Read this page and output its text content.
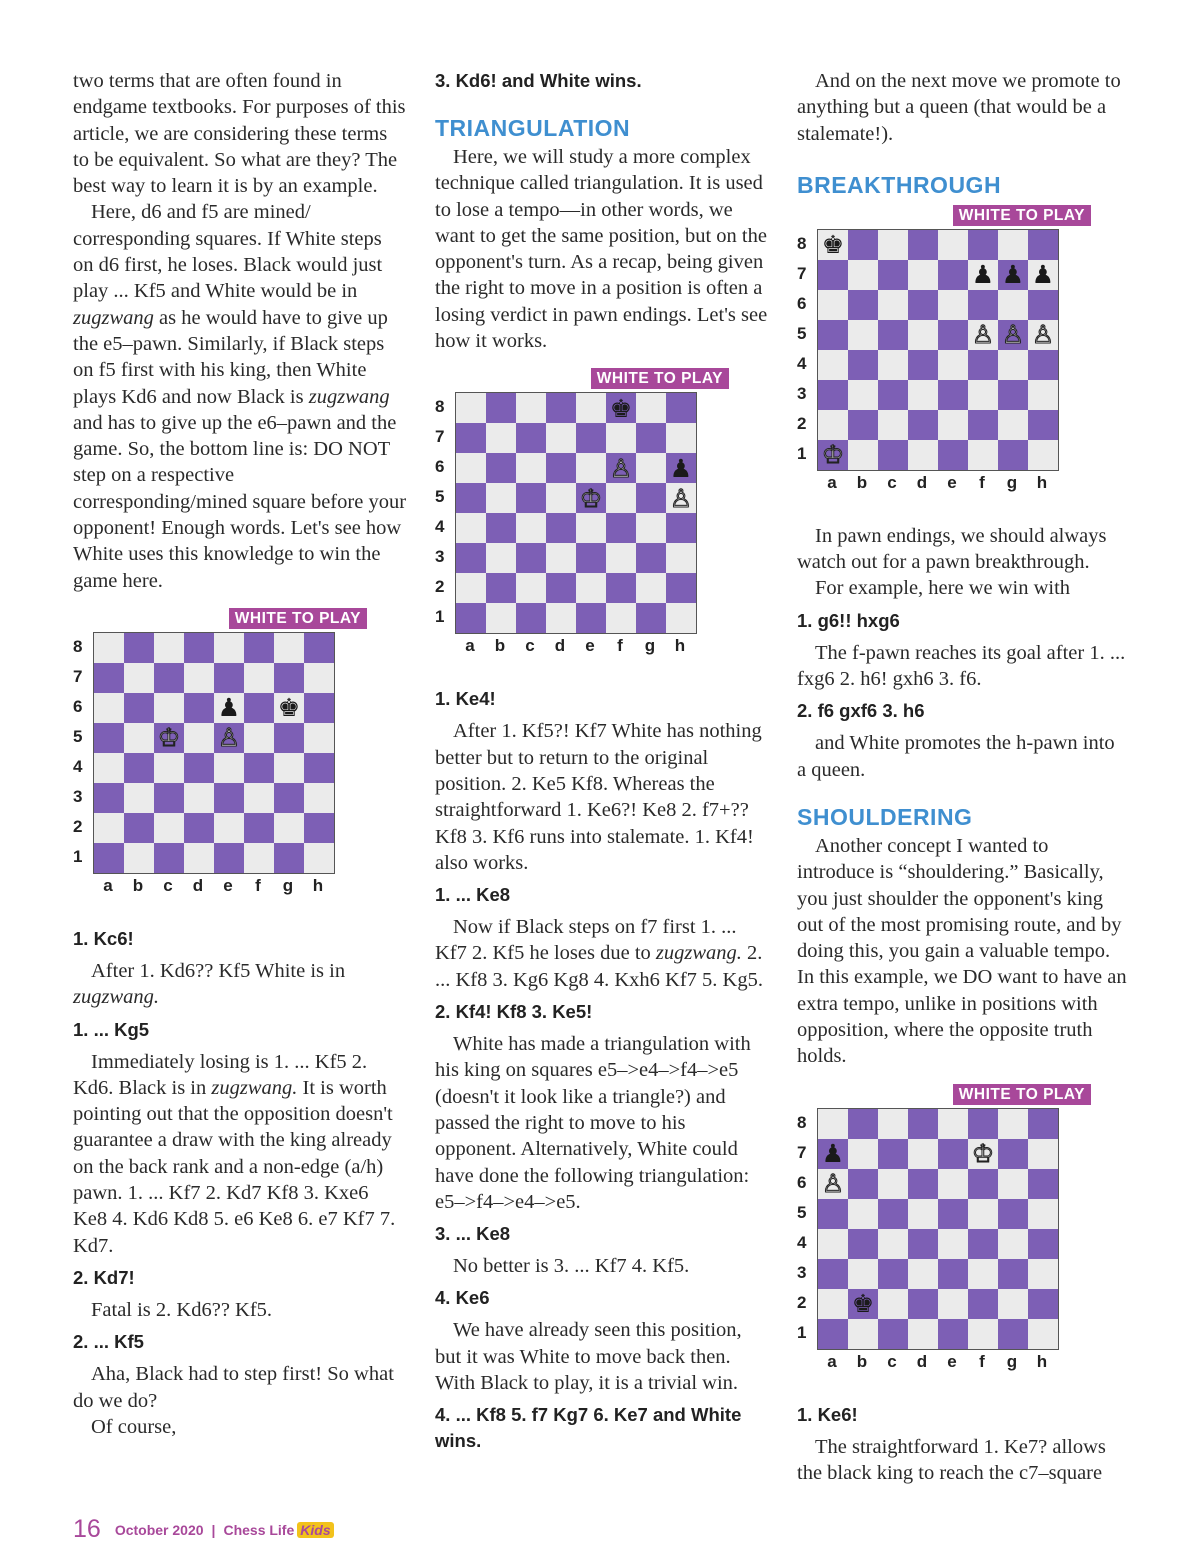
two terms that are often found in endgame textbooks. For purposes of this article, we are considering these terms to be equivalent. So what are they? The best way to learn it is by an example.

Here, d6 and f5 are mined/ corresponding squares. If White steps on d6 first, he loses. Black would just play ... Kf5 and White would be in zugzwang as he would have to give up the e5–pawn. Similarly, if Black steps on f5 first with his king, then White plays Kd6 and now Black is zugzwang and has to give up the e6–pawn and the game. So, the bottom line is: DO NOT step on a respective corresponding/mined square before your opponent! Enough words. Let's see how White uses this knowledge to win the game here.

WHITE TO PLAY
8
7
6
5
4
3
2
1
♟ ♚
♔ ♙
a	b	c	d	e	f	g	h
1. Kc6!

After 1. Kd6?? Kf5 White is in zugzwang.

1. ... Kg5

Immediately losing is 1. ... Kf5 2. Kd6. Black is in zugzwang. It is worth pointing out that the opposition doesn't guarantee a draw with the king already on the back rank and a non-edge (a/h) pawn. 1. ... Kf7 2. Kd7 Kf8 3. Kxe6 Ke8 4. Kd6 Kd8 5. e6 Ke8 6. e7 Kf7 7. Kd7.

2. Kd7!

Fatal is 2. Kd6?? Kf5.

2. ... Kf5

Aha, Black had to step first! So what do we do?

Of course,

3. Kd6! and White wins.
TRIANGULATION

Here, we will study a more complex technique called triangulation. It is used to lose a tempo—in other words, we want to get the same position, but on the opponent's turn. As a recap, being given the right to move in a position is often a losing verdict in pawn endings. Let's see how it works.

WHITE TO PLAY
8
7
6
5
4
3
2
1
♚
♙ ♟
♔	♙
a	b	c	d	e	f	g	h
1. Ke4!

After 1. Kf5?! Kf7 White has nothing better but to return to the original position. 2. Ke5 Kf8. Whereas the straightforward 1. Ke6?! Ke8 2. f7+?? Kf8 3. Kf6 runs into stalemate. 1. Kf4! also works.

1. ... Ke8

Now if Black steps on f7 first 1. ... Kf7 2. Kf5 he loses due to zugzwang. 2. ... Kf8 3. Kg6 Kg8 4. Kxh6 Kf7 5. Kg5.

2. Kf4! Kf8 3. Ke5!

White has made a triangulation with his king on squares e5–>e4–>f4–>e5 (doesn't it look like a triangle?) and passed the right to move to his opponent. Alternatively, White could have done the following triangulation: e5–>f4–>e4–>e5.

3. ... Ke8

No better is 3. ... Kf7 4. Kf5.

4. Ke6

We have already seen this position, but it was White to move back then. With Black to play, it is a trivial win.

4. ... Kf8 5. f7 Kg7 6. Ke7 and White wins.

And on the next move we promote to anything but a queen (that would be a stalemate!).

BREAKTHROUGH
WHITE TO PLAY
8
7
6
5
4
3
2
1
♚
♟ ♟ ♟
♙ ♙ ♙
♔
a	b	c	d	e	f	g	h

In pawn endings, we should always watch out for a pawn breakthrough.

For example, here we win with

1. g6!! hxg6

The f-pawn reaches its goal after 1. ... fxg6 2. h6! gxh6 3. f6.

2. f6 gxf6 3. h6

and White promotes the h-pawn into a queen.

SHOULDERING

Another concept I wanted to introduce is “shouldering.” Basically, you just shoulder the opponent's king out of the most promising route, and by doing this, you gain a valuable tempo. In this example, we DO want to have an extra tempo, unlike in positions with opposition, where the opposite truth holds.

WHITE TO PLAY
8
7
6
5
4
3
2
1
♟	♔
♙
♚
a	b	c	d	e	f	g	h
1. Ke6!

The straightforward 1. Ke7? allows the black king to reach the c7–square

16 October 2020 | Chess Life Kids
